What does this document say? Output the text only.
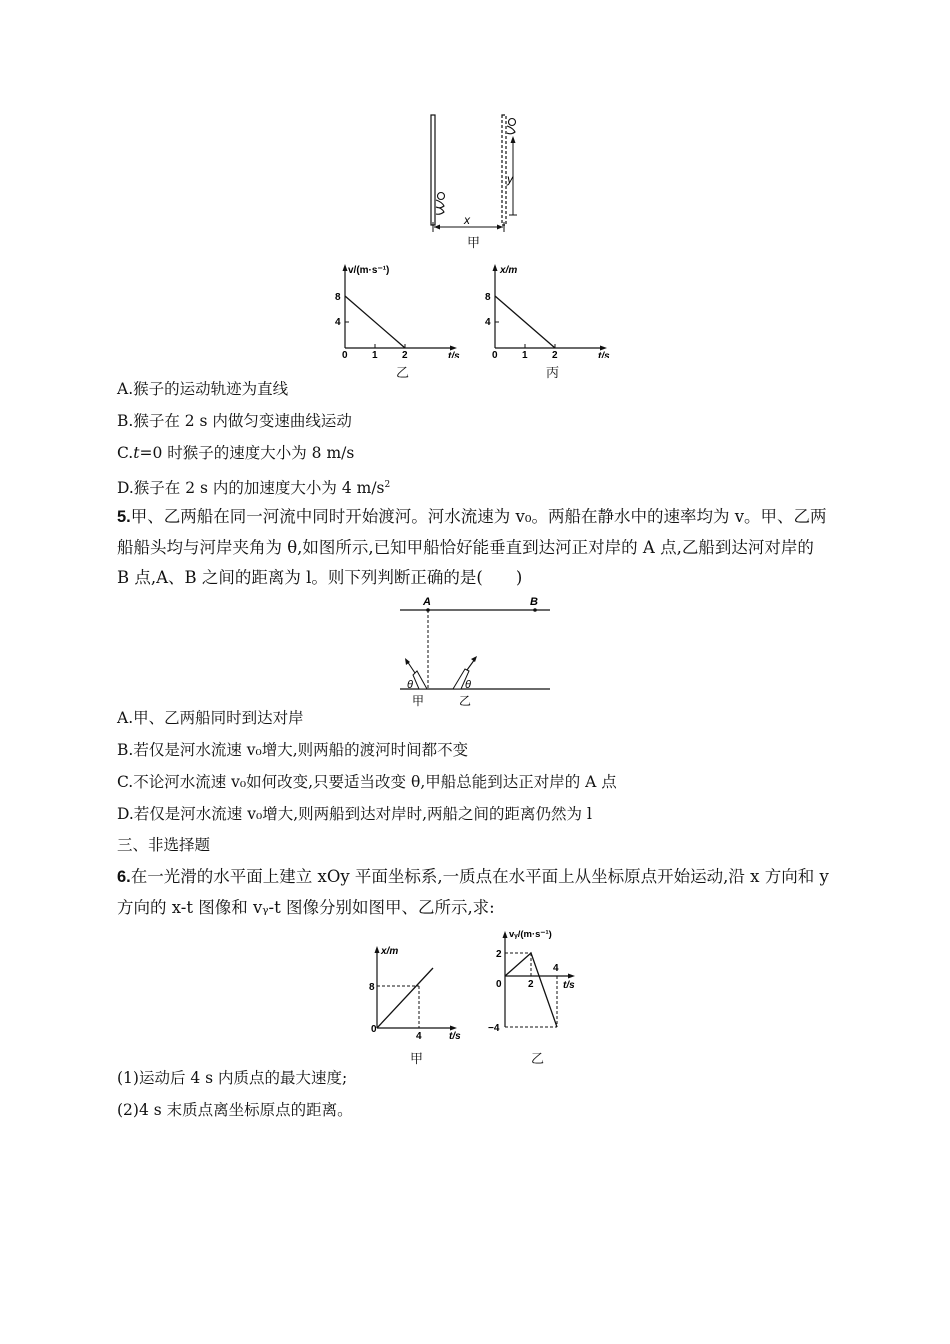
y
x
甲
v/(m·s⁻¹)
t/s
8
4
0 1 2
乙
x/m
t/s
8
4
0 1 2
丙
A.猴子的运动轨迹为直线
B.猴子在 2 s 内做匀变速曲线运动
C.t=0 时猴子的速度大小为 8 m/s
D.猴子在 2 s 内的加速度大小为 4 $m/s^2$
5.甲、乙两船在同一河流中同时开始渡河。河水流速为 v₀。两船在静水中的速率均为 v。甲、乙两
船船头均与河岸夹角为 θ,如图所示,已知甲船恰好能垂直到达河正对岸的 A 点,乙船到达河对岸的
B 点,A、B 之间的距离为 l。则下列判断正确的是(　　)
A	B
θ	θ
甲	乙
A.甲、乙两船同时到达对岸
B.若仅是河水流速 v₀增大,则两船的渡河时间都不变
C.不论河水流速 v₀如何改变,只要适当改变 θ,甲船总能到达正对岸的 A 点
D.若仅是河水流速 v₀增大,则两船到达对岸时,两船之间的距离仍然为 l
三、非选择题
6.在一光滑的水平面上建立 xOy 平面坐标系,一质点在水平面上从坐标原点开始运动,沿 x 方向和 y
方向的 x-t 图像和 vᵧ-t 图像分别如图甲、乙所示,求:
x/m
t/s
8
4
0
甲
vᵧ/(m·s⁻¹)
t/s
2
0
−4
2
4
乙
(1)运动后 4 s 内质点的最大速度;
(2)4 s 末质点离坐标原点的距离。
